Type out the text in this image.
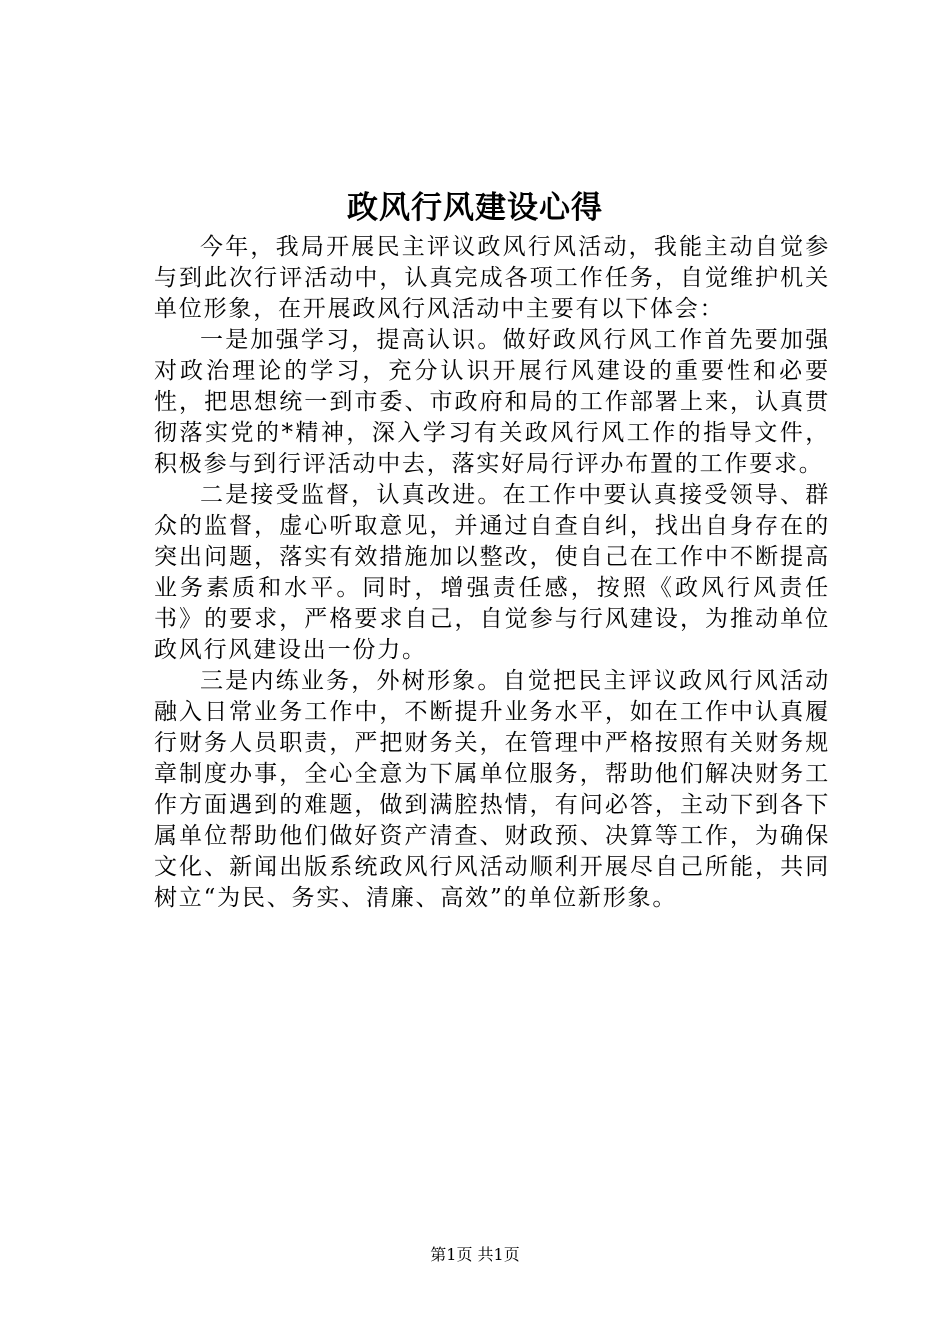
政风行风建设心得

今年，我局开展民主评议政风行风活动，我能主动自觉参与到此次行评活动中，认真完成各项工作任务，自觉维护机关单位形象，在开展政风行风活动中主要有以下体会：

一是加强学习，提高认识。做好政风行风工作首先要加强对政治理论的学习，充分认识开展行风建设的重要性和必要性，把思想统一到市委、市政府和局的工作部署上来，认真贯彻落实党的*精神，深入学习有关政风行风工作的指导文件，积极参与到行评活动中去，落实好局行评办布置的工作要求。

二是接受监督，认真改进。在工作中要认真接受领导、群众的监督，虚心听取意见，并通过自查自纠，找出自身存在的突出问题，落实有效措施加以整改，使自己在工作中不断提高业务素质和水平。同时，增强责任感，按照《政风行风责任书》的要求，严格要求自己，自觉参与行风建设，为推动单位政风行风建设出一份力。

三是内练业务，外树形象。自觉把民主评议政风行风活动融入日常业务工作中，不断提升业务水平，如在工作中认真履行财务人员职责，严把财务关，在管理中严格按照有关财务规章制度办事，全心全意为下属单位服务，帮助他们解决财务工作方面遇到的难题，做到满腔热情，有问必答，主动下到各下属单位帮助他们做好资产清查、财政预、决算等工作，为确保文化、新闻出版系统政风行风活动顺利开展尽自己所能，共同树立“为民、务实、清廉、高效”的单位新形象。

第1页 共1页
